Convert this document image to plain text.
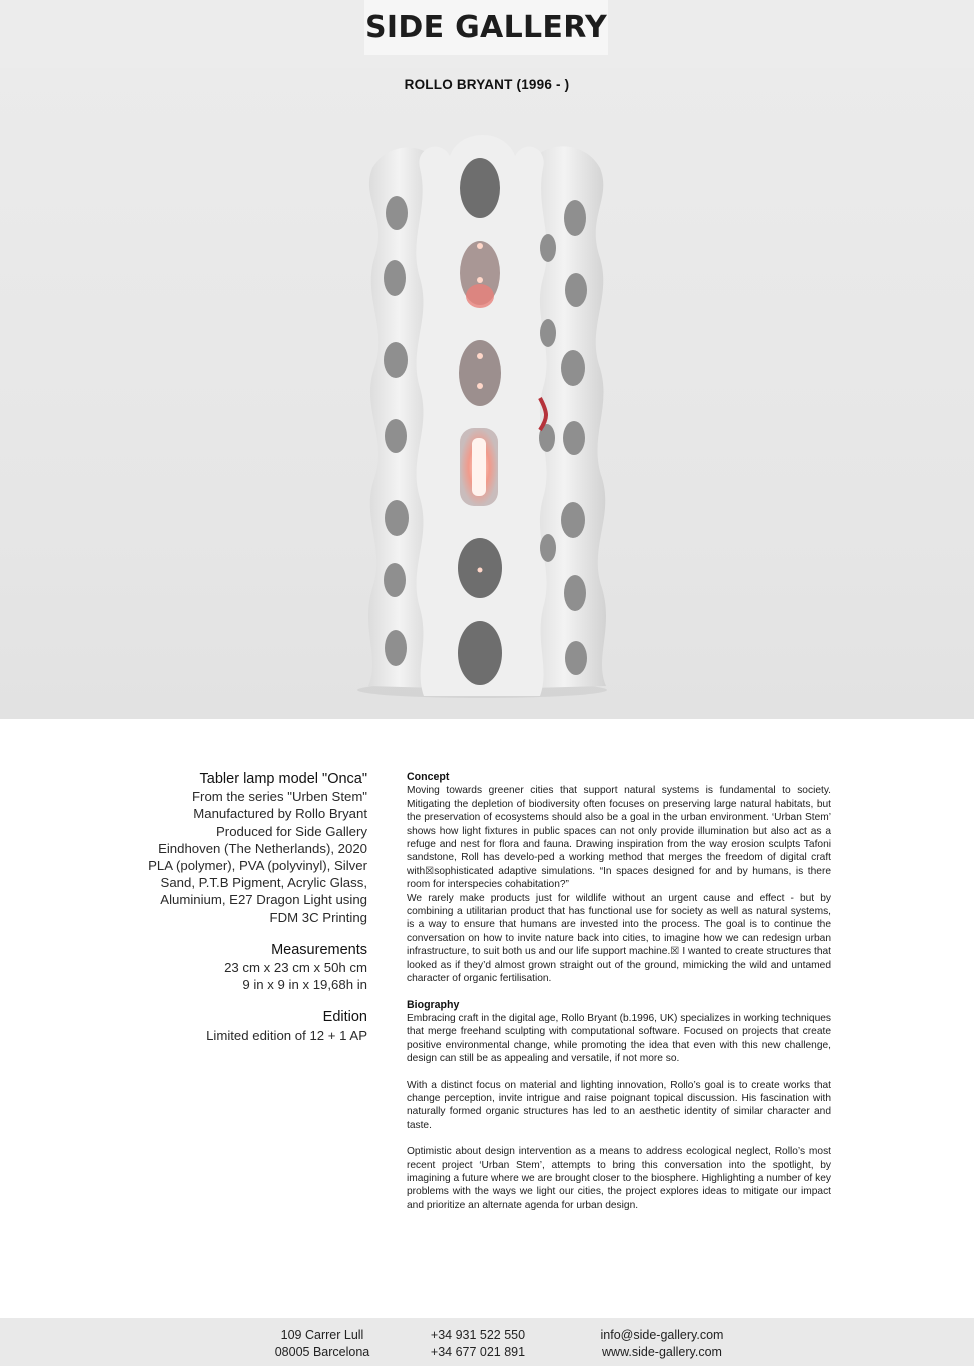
SIDE GALLERY
ROLLO BRYANT (1996 - )
Tabler lamp model "Onca"
From the series "Urben Stem"
Manufactured by Rollo Bryant
Produced for Side Gallery
Eindhoven (The Netherlands), 2020
PLA (polymer), PVA (polyvinyl), Silver
Sand, P.T.B Pigment, Acrylic Glass,
Aluminium, E27 Dragon Light using
FDM 3C Printing
Measurements
23 cm x 23 cm x 50h cm
9 in x 9 in x 19,68h in
Edition
Limited edition of 12 + 1 AP
Concept

Moving towards greener cities that support natural systems is fundamental to society. Mitigating the depletion of biodiversity often focuses on preserving large natural habitats, but the preservation of ecosystems should also be a goal in the urban environment. ‘Urban Stem’ shows how light fixtures in public spaces can not only provide illumination but also act as a refuge and nest for flora and fauna. Drawing inspiration from the way erosion sculpts Tafoni sandstone, Roll has develo-ped a working method that merges the freedom of digital craft with☒sophisticated adaptive simulations. “In spaces designed for and by humans, is there room for interspecies cohabitation?”

We rarely make products just for wildlife without an urgent cause and effect - but by combining a utilitarian product that has functional use for society as well as natural systems, is a way to ensure that humans are invested into the process. The goal is to continue the conversation on how to invite nature back into cities, to imagine how we can redesign urban infrastructure, to suit both us and our life support machine.☒ I wanted to create structures that looked as if they’d almost grown straight out of the ground, mimicking the wild and untamed character of organic fertilisation.

Biography

Embracing craft in the digital age, Rollo Bryant (b.1996, UK) specializes in working techniques that merge freehand sculpting with computational software. Focused on projects that create positive environmental change, while promoting the idea that even with this new challenge, design can still be as appealing and versatile, if not more so.

With a distinct focus on material and lighting innovation, Rollo’s goal is to create works that change perception, invite intrigue and raise poignant topical discussion. His fascination with naturally formed organic structures has led to an aesthetic identity of similar character and taste.

Optimistic about design intervention as a means to address ecological neglect, Rollo’s most recent project ‘Urban Stem’, attempts to bring this conversation into the spotlight, by imagining a future where we are brought closer to the biosphere. Highlighting a number of key problems with the ways we light our cities, the project explores ideas to mitigate our impact and prioritize an alternate agenda for urban design.

109 Carrer Lull
08005 Barcelona
+34 931 522 550
+34 677 021 891
info@side-gallery.com
www.side-gallery.com
